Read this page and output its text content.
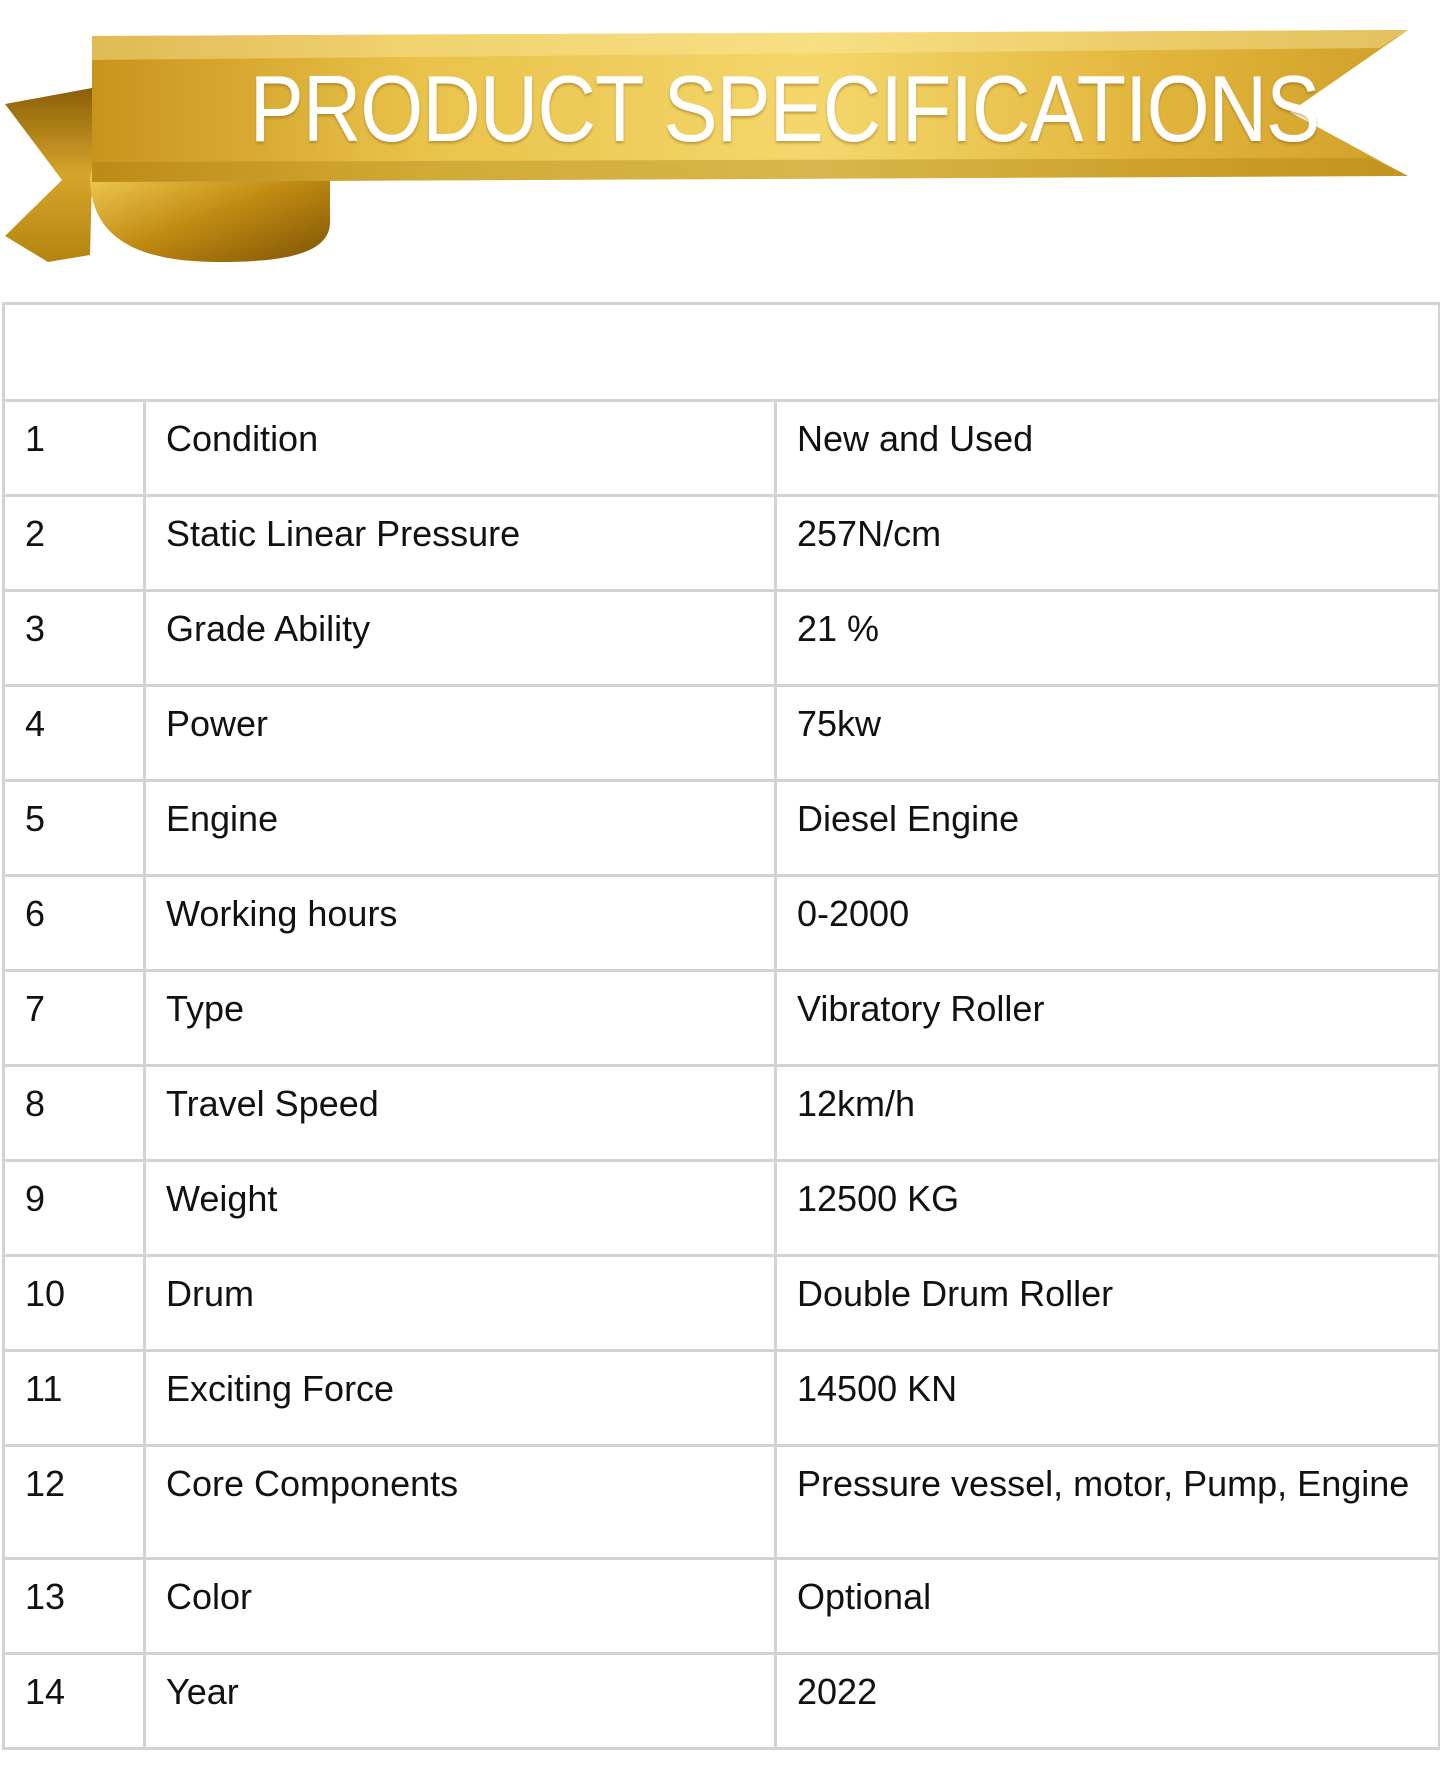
PRODUCT SPECIFICATIONS

1	Condition	New and Used
2	Static Linear Pressure	257N/cm
3	Grade Ability	21 %
4	Power	75kw
5	Engine	Diesel Engine
6	Working hours	0-2000
7	Type	Vibratory Roller
8	Travel Speed	12km/h
9	Weight	12500 KG
10	Drum	Double Drum Roller
11	Exciting Force	14500 KN
12	Core Components	Pressure vessel, motor, Pump, Engine
13	Color	Optional
14	Year	2022
